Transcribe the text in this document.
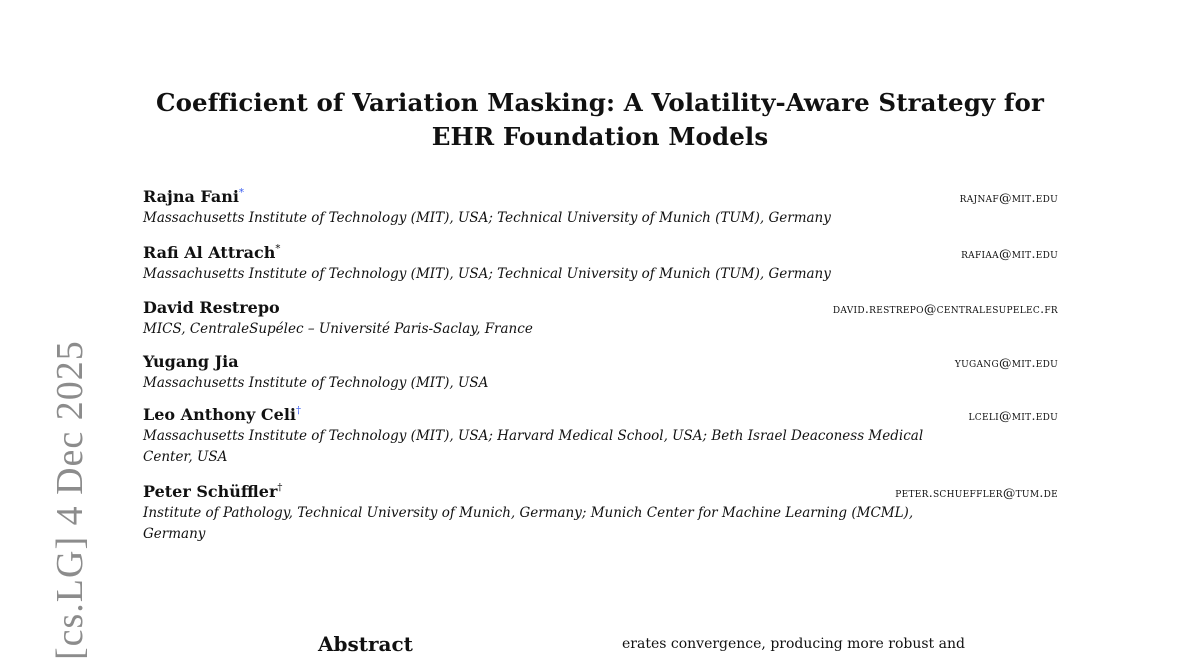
[cs.LG] 4 Dec 2025
Coefficient of Variation Masking: A Volatility-Aware Strategy for
EHR Foundation Models
Rajna Fani*	rajnaf@mit.edu
Massachusetts Institute of Technology (MIT), USA; Technical University of Munich (TUM), Germany
Rafi Al Attrach*	rafiaa@mit.edu
Massachusetts Institute of Technology (MIT), USA; Technical University of Munich (TUM), Germany
David Restrepo	david.restrepo@centralesupelec.fr
MICS, CentraleSupélec – Université Paris-Saclay, France
Yugang Jia	yugang@mit.edu
Massachusetts Institute of Technology (MIT), USA
Leo Anthony Celi†	lceli@mit.edu
Massachusetts Institute of Technology (MIT), USA; Harvard Medical School, USA; Beth Israel Deaconess Medical
Center, USA
Peter Schüffler†	peter.schueffler@tum.de
Institute of Pathology, Technical University of Munich, Germany; Munich Center for Machine Learning (MCML),
Germany
Abstract	erates convergence, producing more robust and
